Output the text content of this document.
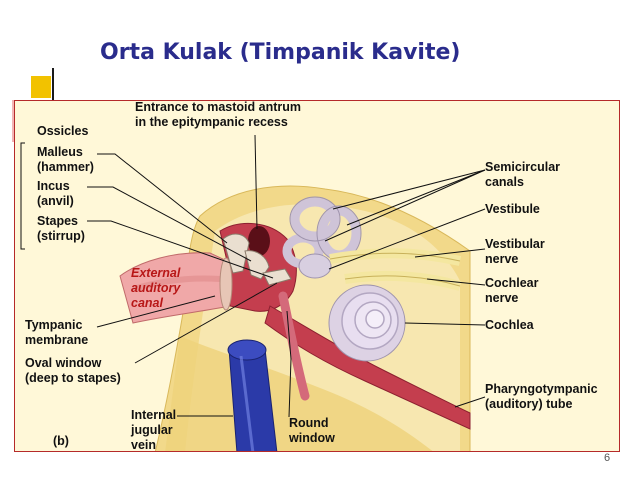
Orta Kulak (Timpanik Kavite)
Entrance to mastoid antrum in the epitympanic recess
Ossicles
Malleus (hammer)
Incus (anvil)
Stapes (stirrup)
External auditory canal
Tympanic membrane
Oval window (deep to stapes)
Internal jugular vein
Round window
(b)
Semicircular canals
Vestibule
Vestibular nerve
Cochlear nerve
Cochlea
Pharyngotympanic (auditory) tube
6
